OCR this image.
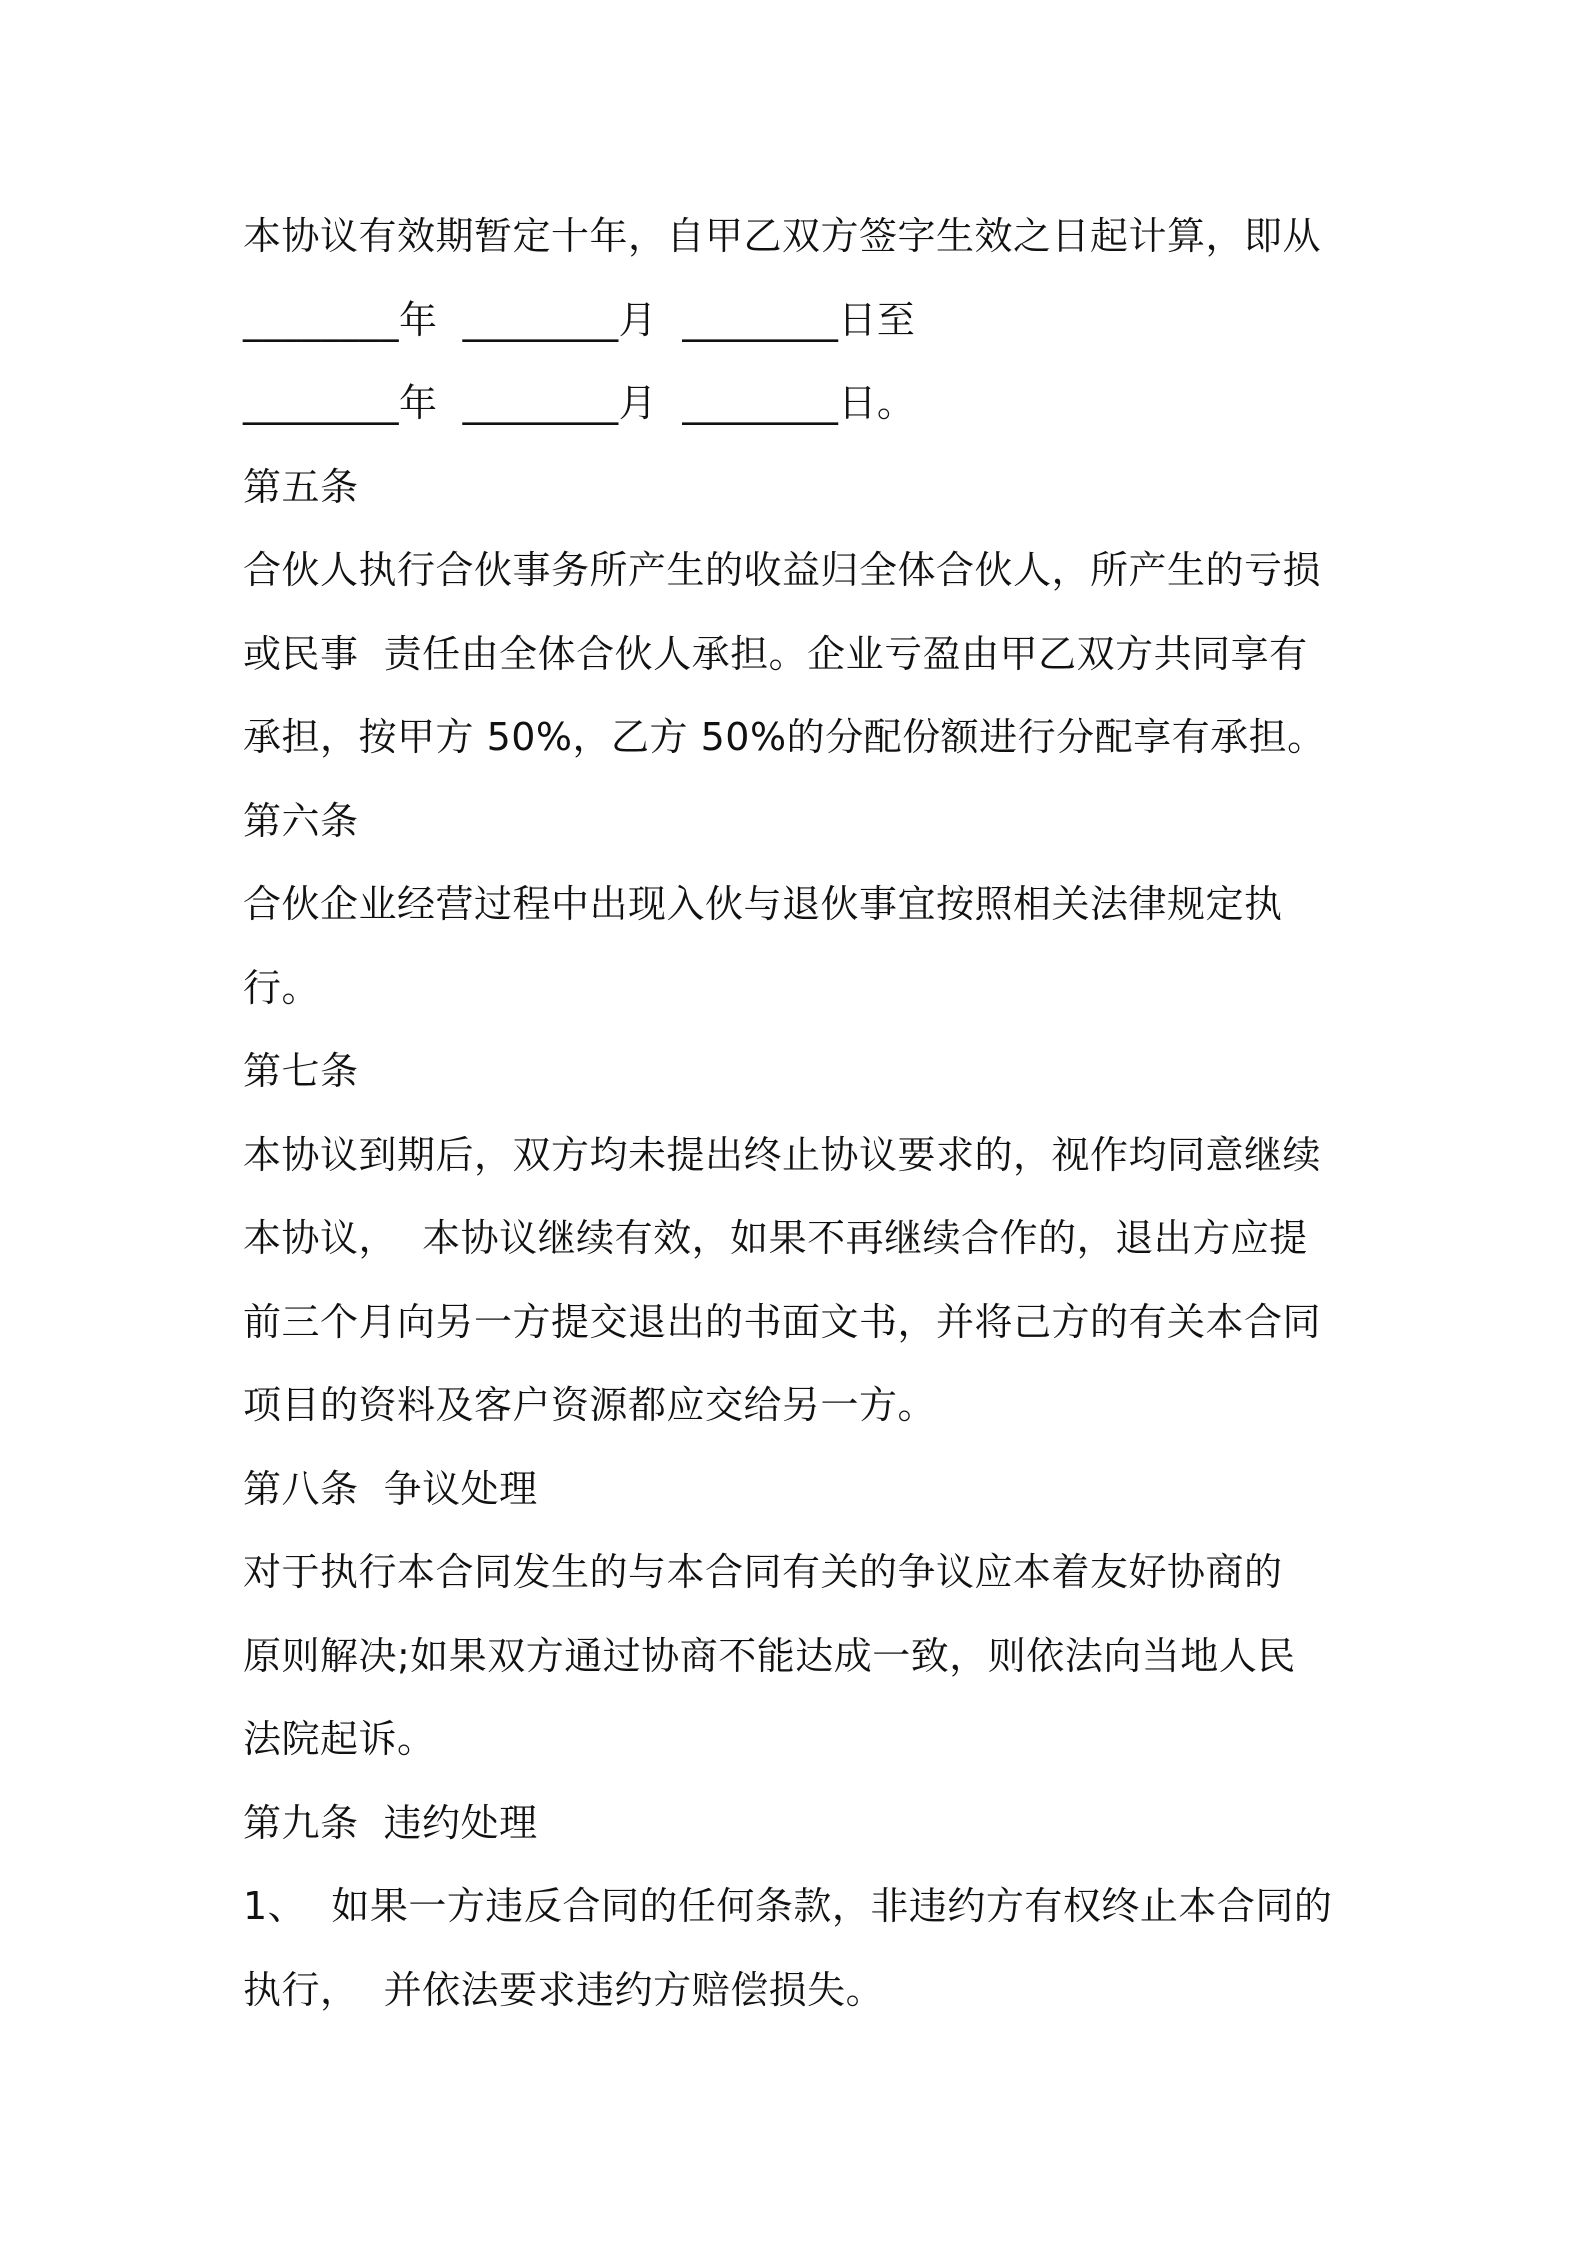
本协议有效期暂定十年，自甲乙双方签字生效之日起计算，即从
________年  ________月  ________日至
________年  ________月  ________日。
第五条
合伙人执行合伙事务所产生的收益归全体合伙人，所产生的亏损
或民事  责任由全体合伙人承担。企业亏盈由甲乙双方共同享有
承担，按甲方 50%，乙方 50%的分配份额进行分配享有承担。
第六条
合伙企业经营过程中出现入伙与退伙事宜按照相关法律规定执
行。
第七条
本协议到期后，双方均未提出终止协议要求的，视作均同意继续
本协议，  本协议继续有效，如果不再继续合作的，退出方应提
前三个月向另一方提交退出的书面文书，并将己方的有关本合同
项目的资料及客户资源都应交给另一方。
第八条  争议处理
对于执行本合同发生的与本合同有关的争议应本着友好协商的
原则解决;如果双方通过协商不能达成一致，则依法向当地人民
法院起诉。
第九条  违约处理
1、  如果一方违反合同的任何条款，非违约方有权终止本合同的
执行，  并依法要求违约方赔偿损失。
